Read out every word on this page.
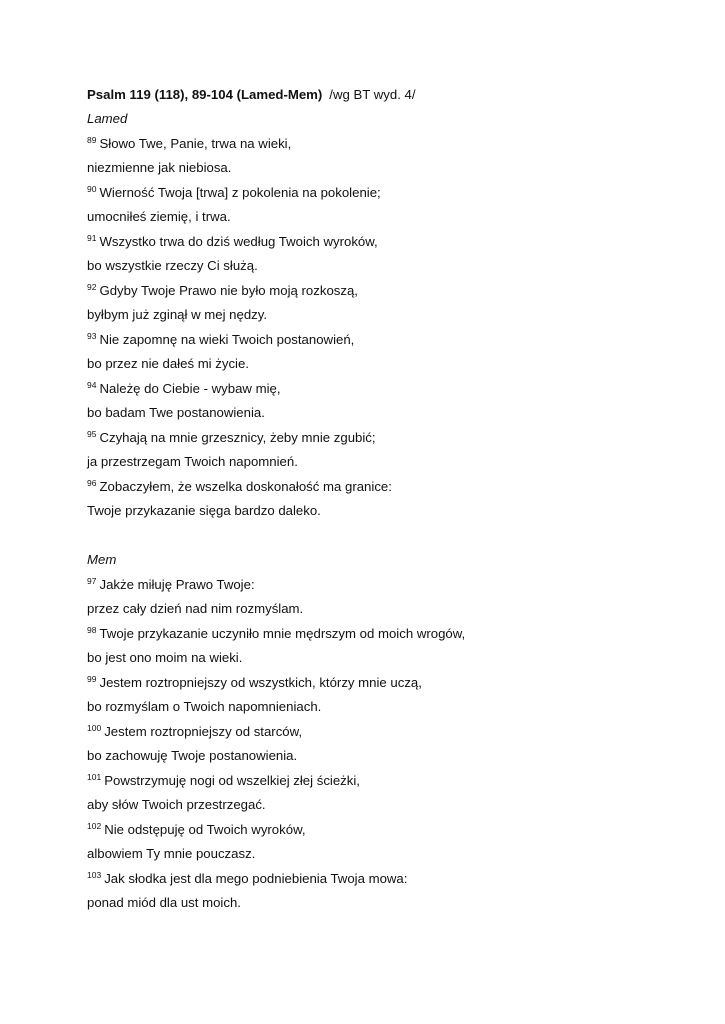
Psalm 119 (118), 89-104 (Lamed-Mem) /wg BT wyd. 4/
Lamed
$^{89}$ Słowo Twe, Panie, trwa na wieki,
niezmienne jak niebiosa.
$^{90}$ Wierność Twoja [trwa] z pokolenia na pokolenie;
umocniłeś ziemię, i trwa.
$^{91}$ Wszystko trwa do dziś według Twoich wyroków,
bo wszystkie rzeczy Ci służą.
$^{92}$ Gdyby Twoje Prawo nie było moją rozkoszą,
byłbym już zginął w mej nędzy.
$^{93}$ Nie zapomnę na wieki Twoich postanowień,
bo przez nie dałeś mi życie.
$^{94}$ Należę do Ciebie - wybaw mię,
bo badam Twe postanowienia.
$^{95}$ Czyhają na mnie grzesznicy, żeby mnie zgubić;
ja przestrzegam Twoich napomnień.
$^{96}$ Zobaczyłem, że wszelka doskonałość ma granice:
Twoje przykazanie sięga bardzo daleko.
Mem
$^{97}$ Jakże miłuję Prawo Twoje:
przez cały dzień nad nim rozmyślam.
$^{98}$ Twoje przykazanie uczyniło mnie mędrszym od moich wrogów,
bo jest ono moim na wieki.
$^{99}$ Jestem roztropniejszy od wszystkich, którzy mnie uczą,
bo rozmyślam o Twoich napomnieniach.
$^{100}$ Jestem roztropniejszy od starców,
bo zachowuję Twoje postanowienia.
$^{101}$ Powstrzymuję nogi od wszelkiej złej ścieżki,
aby słów Twoich przestrzegać.
$^{102}$ Nie odstępuję od Twoich wyroków,
albowiem Ty mnie pouczasz.
$^{103}$ Jak słodka jest dla mego podniebienia Twoja mowa:
ponad miód dla ust moich.
